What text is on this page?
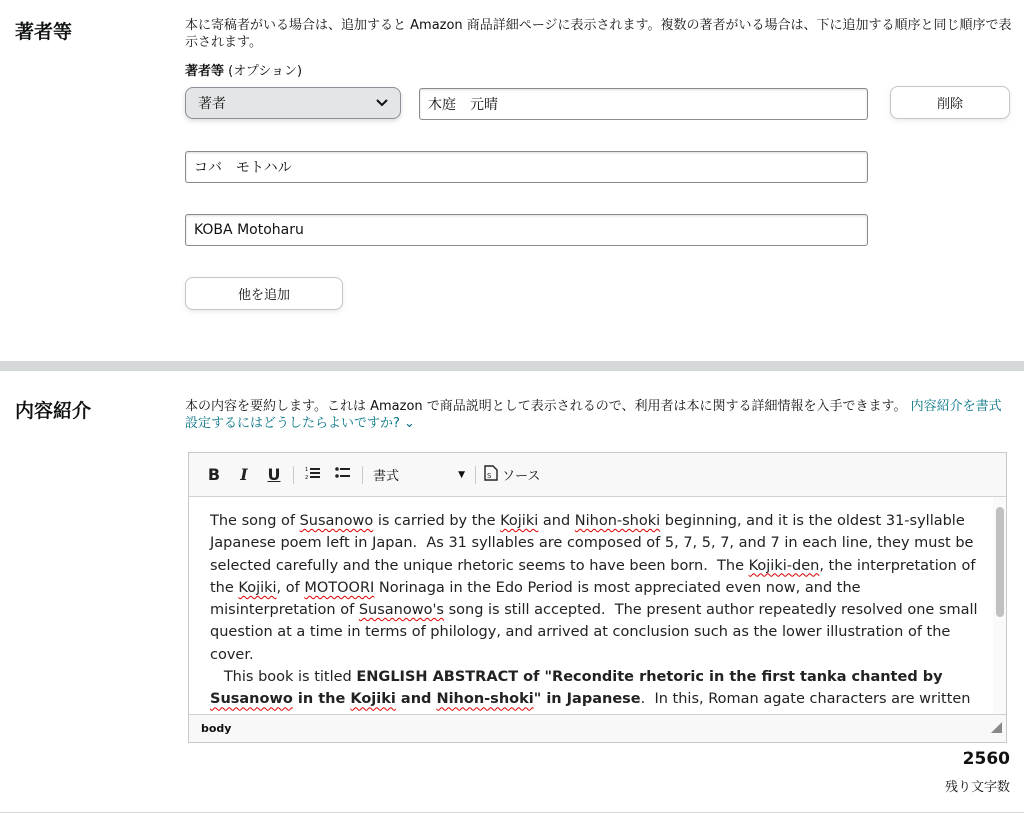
著者等	本に寄稿者がいる場合は、追加すると Amazon 商品詳細ページに表示されます。複数の著者がいる場合は、下に追加する順序と同じ順序で表示されます。
著者等 (オプション)
著者	木庭　元晴	削除
コバ　モトハル
KOBA Motoharu
他を追加
内容紹介	本の内容を要約します。これは Amazon で商品説明として表示されるので、利用者は本に関する詳細情報を入手できます。 内容紹介を書式設定するにはどうしたらよいですか? ⌄
B	I	U	1
2	書式	▼	S ソース

The song of Susanowo is carried by the Kojiki and Nihon-shoki beginning, and it is the oldest 31-syllable Japanese poem left in Japan.  As 31 syllables are composed of 5, 7, 5, 7, and 7 in each line, they must be selected carefully and the unique rhetoric seems to have been born.  The Kojiki-den, the interpretation of the Kojiki, of MOTOORI Norinaga in the Edo Period is most appreciated even now, and the misinterpretation of Susanowo's song is still accepted.  The present author repeatedly resolved one small question at a time in terms of philology, and arrived at conclusion such as the lower illustration of the cover.

This book is titled ENGLISH ABSTRACT of "Recondite rhetoric in the first tanka chanted by Susanowo in the Kojiki and Nihon-shoki" in Japanese.  In this, Roman agate characters are written

body
2560
残り文字数
